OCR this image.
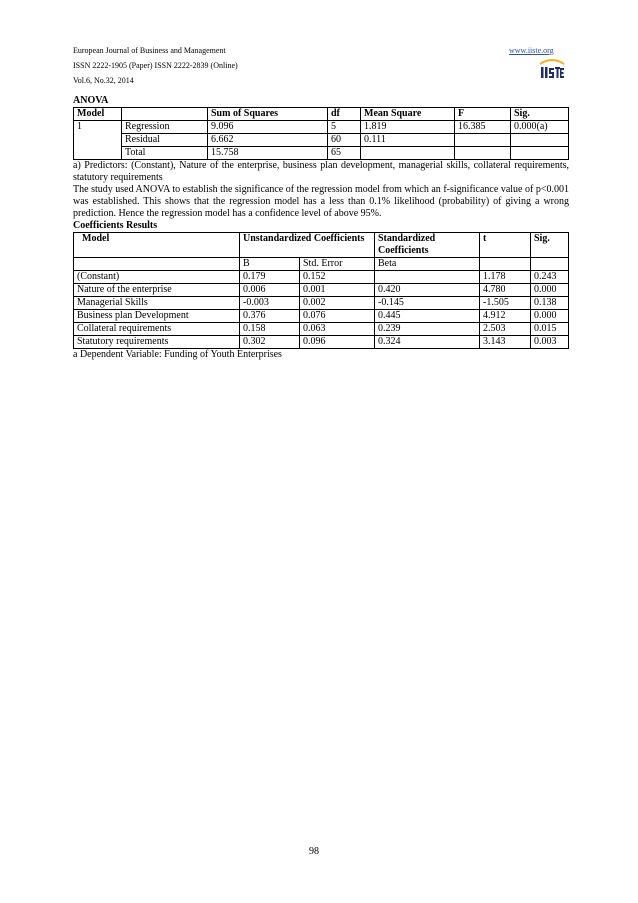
European Journal of Business and Management
ISSN 2222-1905 (Paper) ISSN 2222-2839 (Online)
Vol.6, No.32, 2014
www.iiste.org

ANOVA

Model		Sum of Squares	df	Mean Square	F	Sig.
1	Regression	9.096	5	1.819	16.385	0.000(a)
	Residual	6.662	60	0.111		
	Total	15.758	65			

a) Predictors: (Constant), Nature of the enterprise, business plan development, managerial skills, collateral requirements, statutory requirements

The study used ANOVA to establish the significance of the regression model from which an f-significance value of p<0.001 was established. This shows that the regression model has a less than 0.1% likelihood (probability) of giving a wrong prediction. Hence the regression model has a confidence level of above 95%.

Coefficients Results

Model	Unstandardized Coefficients		Standardized Coefficients	t	Sig.
	B	Std. Error	Beta		
(Constant)	0.179	0.152		1.178	0.243
Nature of the enterprise	0.006	0.001	0.420	4.780	0.000
Managerial Skills	-0.003	0.002	-0.145	-1.505	0.138
Business plan Development	0.376	0.076	0.445	4.912	0.000
Collateral requirements	0.158	0.063	0.239	2.503	0.015
Statutory requirements	0.302	0.096	0.324	3.143	0.003

a Dependent Variable: Funding of Youth Enterprises

98
